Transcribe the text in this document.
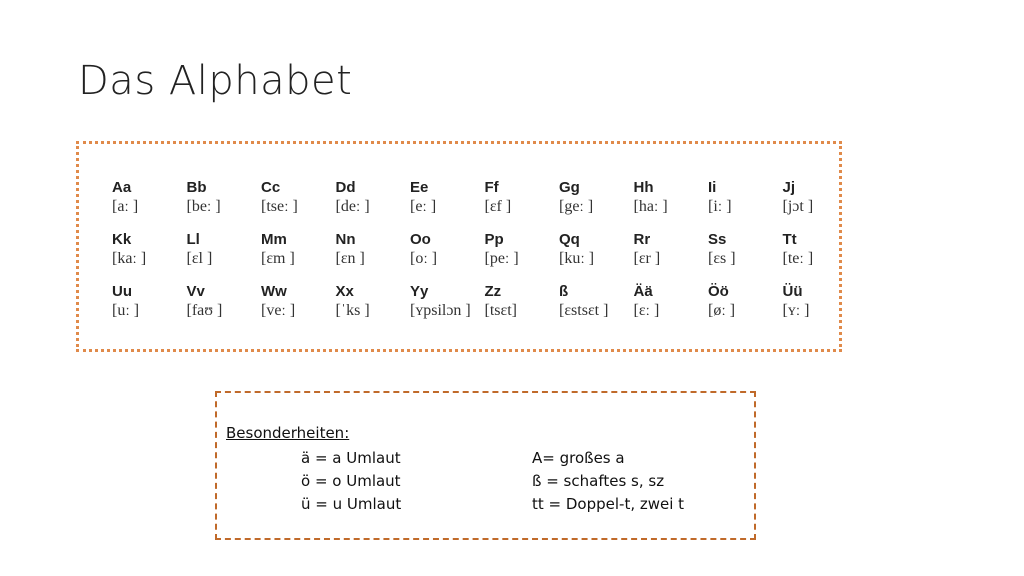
Das Alphabet
Aa
[aː ]
Bb
[beː ]
Cc
[tseː ]
Dd
[deː ]
Ee
[eː ]
Ff
[ɛf ]
Gg
[geː ]
Hh
[haː ]
Ii
[iː ]
Jj
[jɔt ]
Kk
[kaː ]
Ll
[ɛl ]
Mm
[ɛm ]
Nn
[ɛn ]
Oo
[oː ]
Pp
[peː ]
Qq
[kuː ]
Rr
[ɛr ]
Ss
[ɛs ]
Tt
[teː ]
Uu
[uː ]
Vv
[faʊ ]
Ww
[veː ]
Xx
[ˈks ]
Yy
[ʏpsilɔn ]
Zz
[tsɛt]
ß
[ɛstsɛt ]
Ää
[ɛː ]
Öö
[øː ]
Üü
[ʏː ]
Besonderheiten:
ä = a Umlaut
ö = o Umlaut
ü = u Umlaut
A= großes a
ß = schaftes s, sz
tt = Doppel-t, zwei t
